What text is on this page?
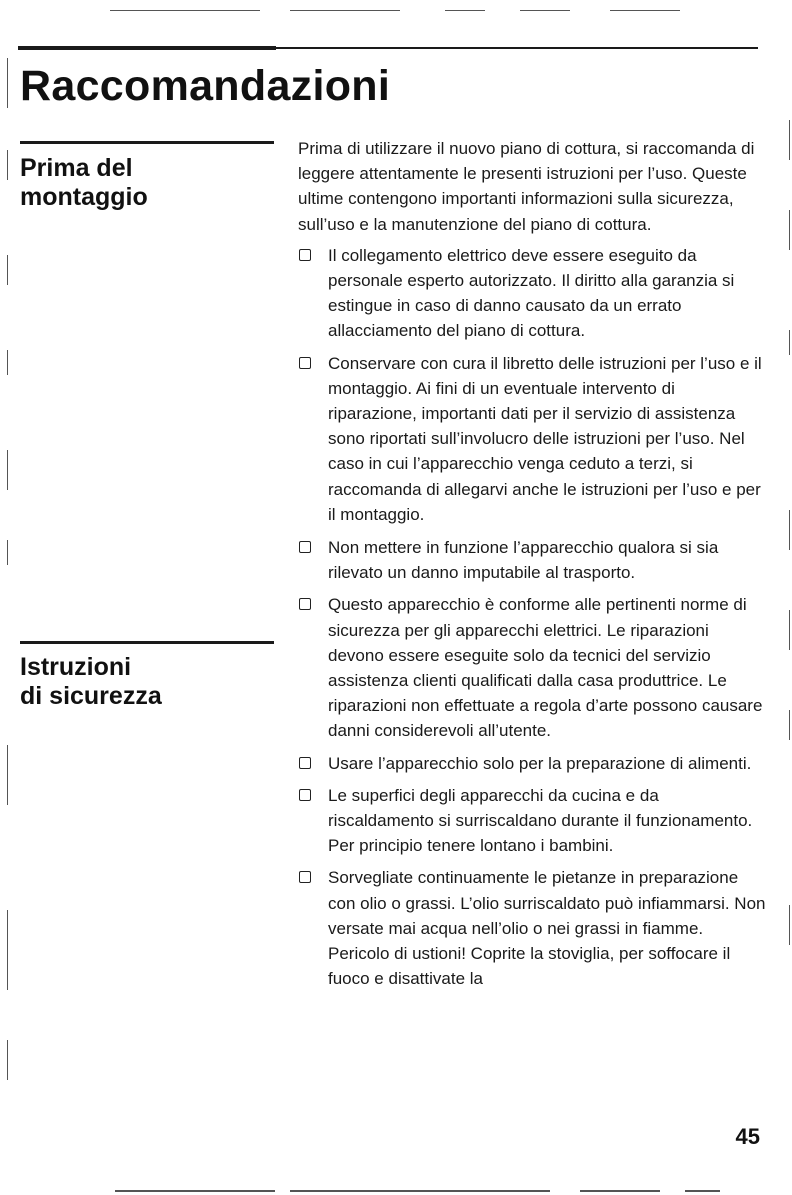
Raccomandazioni
Prima del
montaggio
Istruzioni
di sicurezza

Prima di utilizzare il nuovo piano di cottura, si raccomanda di leggere attentamente le presenti istruzioni per l’uso. Queste ultime contengono importanti informazioni sulla sicurezza, sull’uso e la manutenzione del piano di cottura.

Il collegamento elettrico deve essere eseguito da personale esperto autorizzato. Il diritto alla garanzia si estingue in caso di danno causato da un errato allacciamento del piano di cottura.
Conservare con cura il libretto delle istruzioni per l’uso e il montaggio. Ai fini di un eventuale intervento di riparazione, importanti dati per il servizio di assistenza sono riportati sull’involucro delle istruzioni per l’uso. Nel caso in cui l’apparecchio venga ceduto a terzi, si raccomanda di allegarvi anche le istruzioni per l’uso e per il montaggio.
Non mettere in funzione l’apparecchio qualora si sia rilevato un danno imputabile al trasporto.
Questo apparecchio è conforme alle pertinenti norme di sicurezza per gli apparecchi elettrici. Le riparazioni devono essere eseguite solo da tecnici del servizio assistenza clienti qualificati dalla casa produttrice. Le riparazioni non effettuate a regola d’arte possono causare danni considerevoli all’utente.
Usare l’apparecchio solo per la preparazione di alimenti.
Le superfici degli apparecchi da cucina e da riscaldamento si surriscaldano durante il funzionamento. Per principio tenere lontano i bambini.
Sorvegliate continuamente le pietanze in preparazione con olio o grassi. L’olio surriscaldato può infiammarsi. Non versate mai acqua nell’olio o nei grassi in fiamme. Pericolo di ustioni! Coprite la stoviglia, per soffocare il fuoco e disattivate la
45
